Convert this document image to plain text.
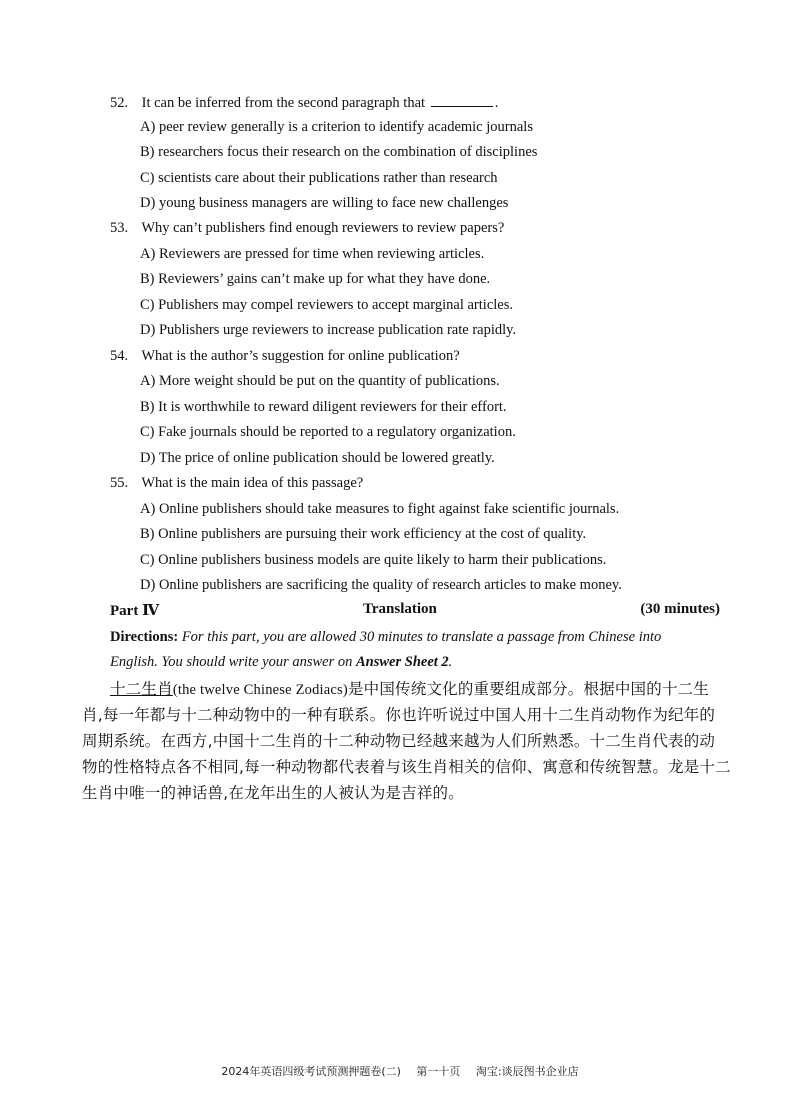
52. It can be inferred from the second paragraph that	.
A) peer review generally is a criterion to identify academic journals
B) researchers focus their research on the combination of disciplines
C) scientists care about their publications rather than research
D) young business managers are willing to face new challenges
53. Why can’t publishers find enough reviewers to review papers?
A) Reviewers are pressed for time when reviewing articles.
B) Reviewers’ gains can’t make up for what they have done.
C) Publishers may compel reviewers to accept marginal articles.
D) Publishers urge reviewers to increase publication rate rapidly.
54. What is the author’s suggestion for online publication?
A) More weight should be put on the quantity of publications.
B) It is worthwhile to reward diligent reviewers for their effort.
C) Fake journals should be reported to a regulatory organization.
D) The price of online publication should be lowered greatly.
55. What is the main idea of this passage?
A) Online publishers should take measures to fight against fake scientific journals.
B) Online publishers are pursuing their work efficiency at the cost of quality.
C) Online publishers business models are quite likely to harm their publications.
D) Online publishers are sacrificing the quality of research articles to make money.
Part Ⅳ	Translation	(30 minutes)
Directions: For this part, you are allowed 30 minutes to translate a passage from Chinese into
English. You should write your answer on Answer Sheet 2.
十二生肖(the twelve Chinese Zodiacs)是中国传统文化的重要组成部分。根据中国的十二生
肖,每一年都与十二种动物中的一种有联系。你也许听说过中国人用十二生肖动物作为纪年的
周期系统。在西方,中国十二生肖的十二种动物已经越来越为人们所熟悉。十二生肖代表的动
物的性格特点各不相同,每一种动物都代表着与该生肖相关的信仰、寓意和传统智慧。龙是十二
生肖中唯一的神话兽,在龙年出生的人被认为是吉祥的。
2024年英语四级考试预测押题卷(二) 第一十页 淘宝:谈辰图书企业店
